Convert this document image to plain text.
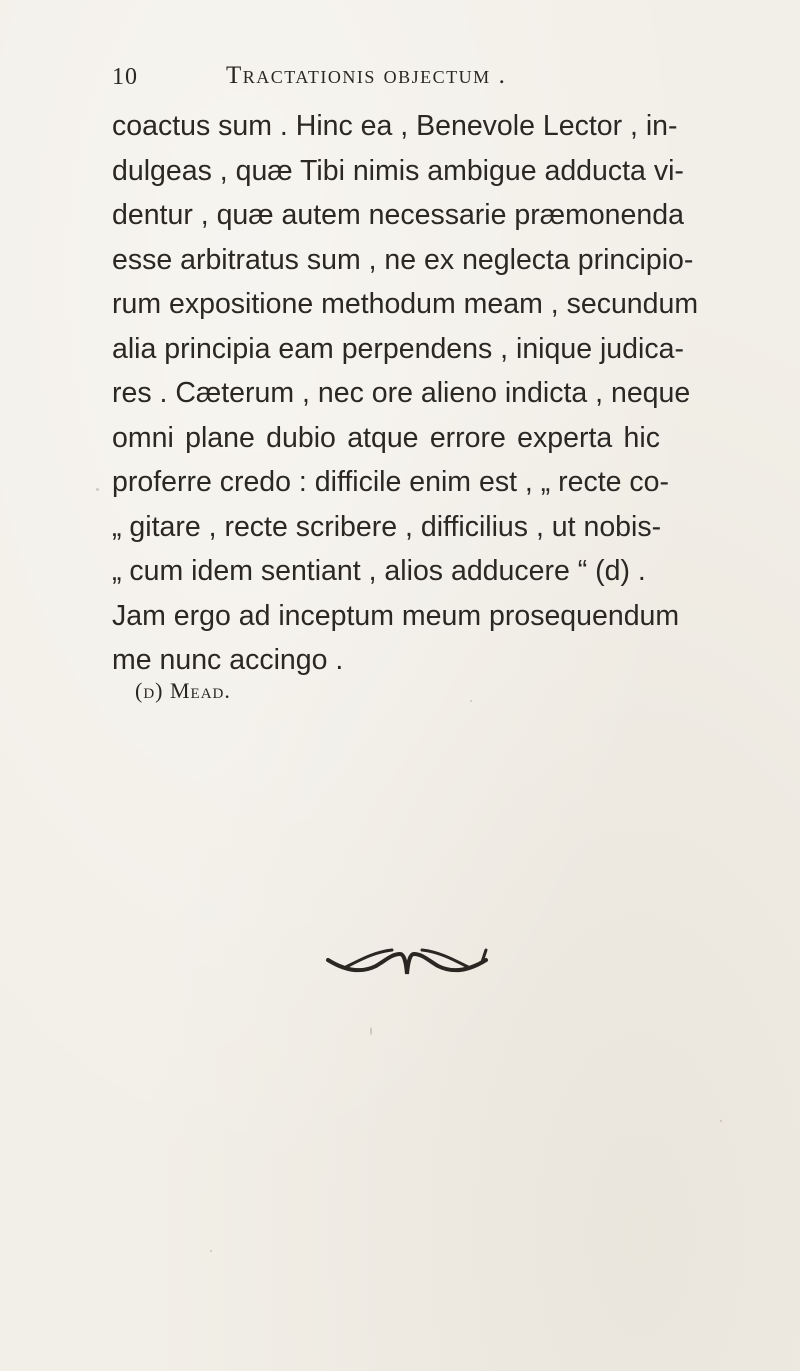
10	Tractationis objectum .
coactus sum . Hinc ea , Benevole Lector , in-
dulgeas , quæ Tibi nimis ambigue adducta vi-
dentur , quæ autem necessarie præmonenda
esse arbitratus sum , ne ex neglecta principio-
rum expositione methodum meam , secundum
alia principia eam perpendens , inique judica-
res . Cæterum , nec ore alieno indicta , neque
omni plane dubio atque errore experta hic
proferre credo : difficile enim est , „ recte co-
„ gitare , recte scribere , difficilius , ut nobis-
„ cum idem sentiant , alios adducere “ (d) .
Jam ergo ad inceptum meum prosequendum
me nunc accingo .
(d) Mead.
